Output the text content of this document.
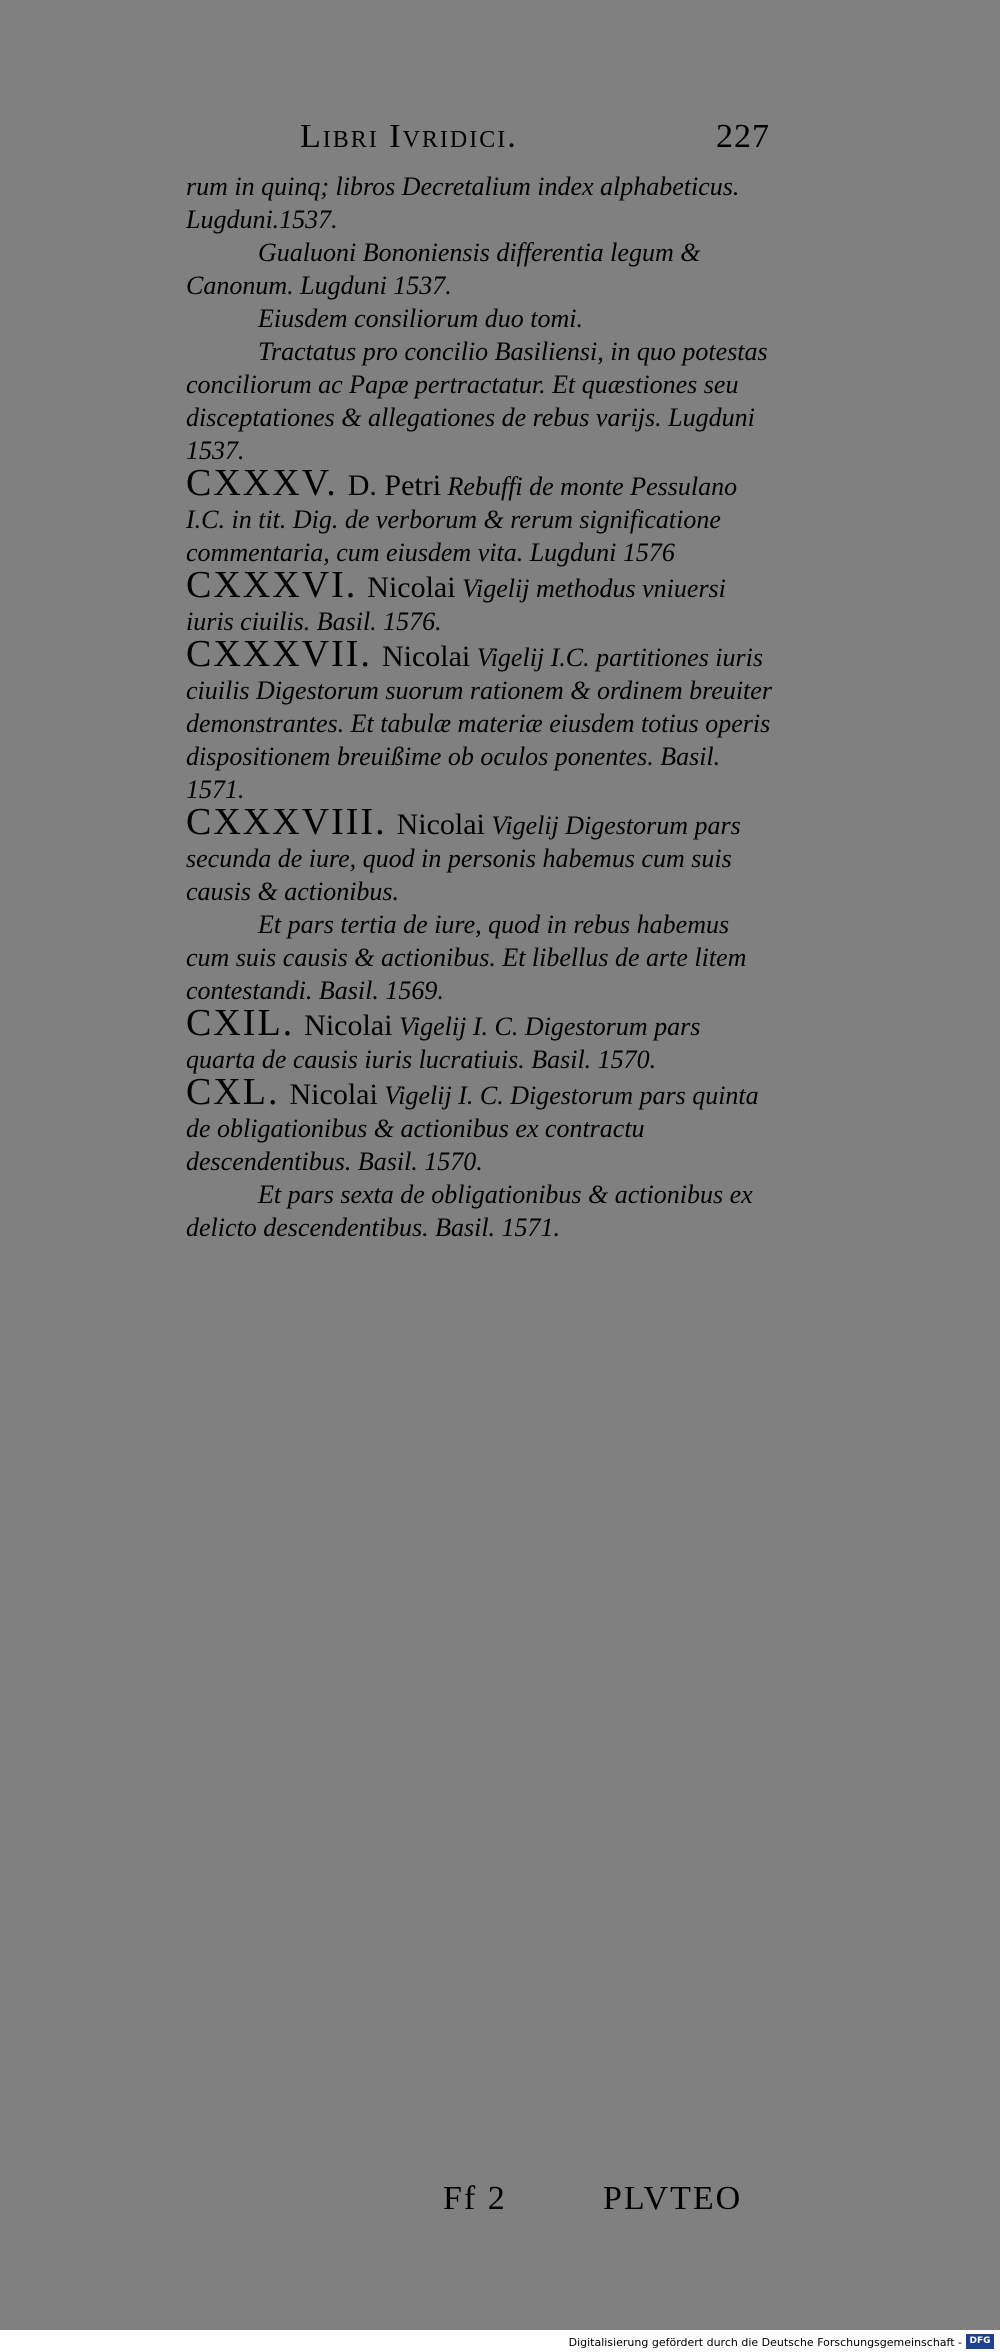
Libri Ivridici.	227

rum in quinq; libros Decretalium index alphabeticus. Lugduni.1537.

Gualuoni Bononiensis differentia legum & Canonum. Lugduni 1537.

Eiusdem consiliorum duo tomi.

Tractatus pro concilio Basiliensi, in quo potestas conciliorum ac Papæ pertractatur. Et quæstiones seu disceptationes & allegationes de rebus varijs. Lugduni 1537.

CXXXV. D. Petri Rebuffi de monte Pessulano I.C. in tit. Dig. de verborum & rerum significatione commentaria, cum eiusdem vita. Lugduni 1576

CXXXVI. Nicolai Vigelij methodus vniuersi iuris ciuilis. Basil. 1576.

CXXXVII. Nicolai Vigelij I.C. partitiones iuris ciuilis Digestorum suorum rationem & ordinem breuiter demonstrantes. Et tabulæ materiæ eiusdem totius operis dispositionem breuißime ob oculos ponentes. Basil. 1571.

CXXXVIII. Nicolai Vigelij Digestorum pars secunda de iure, quod in personis habemus cum suis causis & actionibus.

Et pars tertia de iure, quod in rebus habemus cum suis causis & actionibus. Et libellus de arte litem contestandi. Basil. 1569.

CXIL. Nicolai Vigelij I. C. Digestorum pars quarta de causis iuris lucratiuis. Basil. 1570.

CXL. Nicolai Vigelij I. C. Digestorum pars quinta de obligationibus & actionibus ex contractu descendentibus. Basil. 1570.

Et pars sexta de obligationibus & actionibus ex delicto descendentibus. Basil. 1571.

Ff 2	PLVTEO
Digitalisierung gefördert durch die Deutsche Forschungsgemeinschaft - DFG
